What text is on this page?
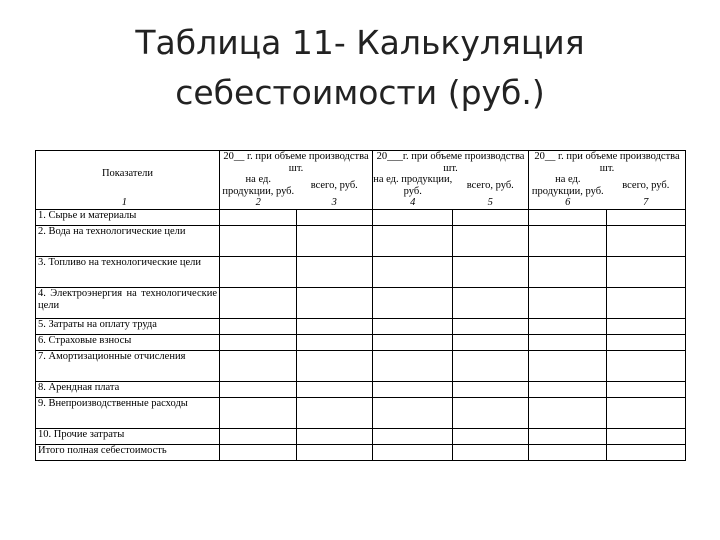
Таблица 11- Калькуляция
себестоимости (руб.)
Показатели	20__ г. при объеме производства шт.		20___г. при объеме производства шт.		20__ г. при объеме производства шт.	
	на ед. продукции, руб.	всего, руб.	на ед. продукции, руб.	всего, руб.	на ед. продукции, руб.	всего, руб.
1	2	3	4	5	6	7
1. Сырье и материалы						
2. Вода на технологические цели						
3. Топливо на технологические цели						
4. Электроэнергия на технологические цели						
5. Затраты на оплату труда						
6. Страховые взносы						
7. Амортизационные отчисления						
8. Арендная плата						
9. Внепроизводственные расходы						
10. Прочие затраты						
Итого полная себестоимость						
